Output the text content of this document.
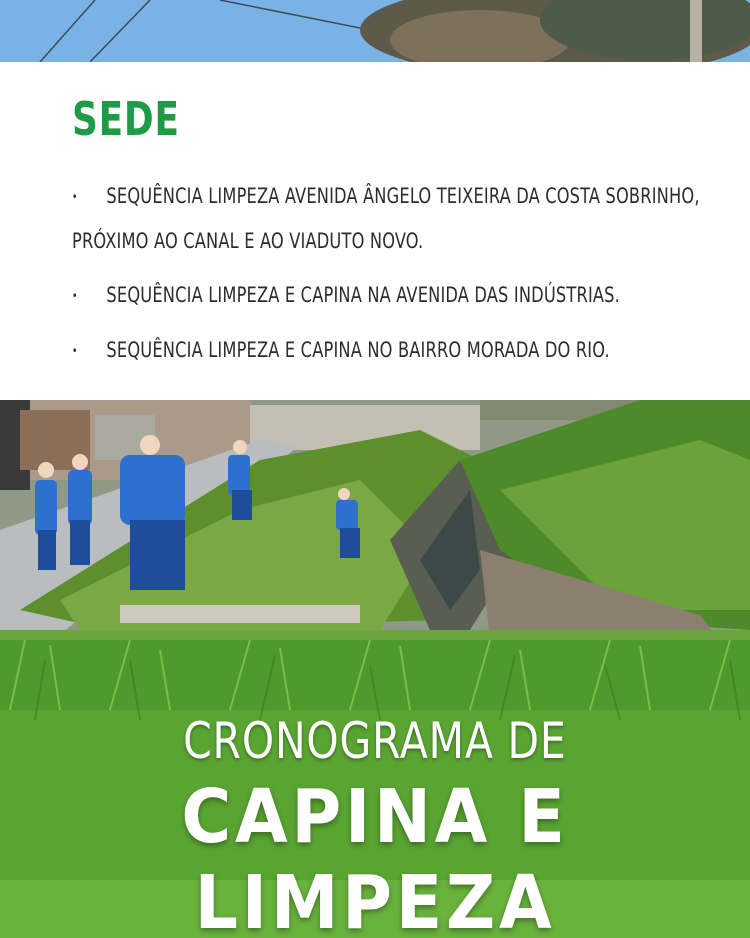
SEDE
• SEQUÊNCIA LIMPEZA AVENIDA ÂNGELO TEIXEIRA DA COSTA SOBRINHO, PRÓXIMO AO CANAL E AO VIADUTO NOVO.
• SEQUÊNCIA LIMPEZA E CAPINA NA AVENIDA DAS INDÚSTRIAS.
• SEQUÊNCIA LIMPEZA E CAPINA NO BAIRRO MORADA DO RIO.
CRONOGRAMA DE
CAPINA E LIMPEZA
